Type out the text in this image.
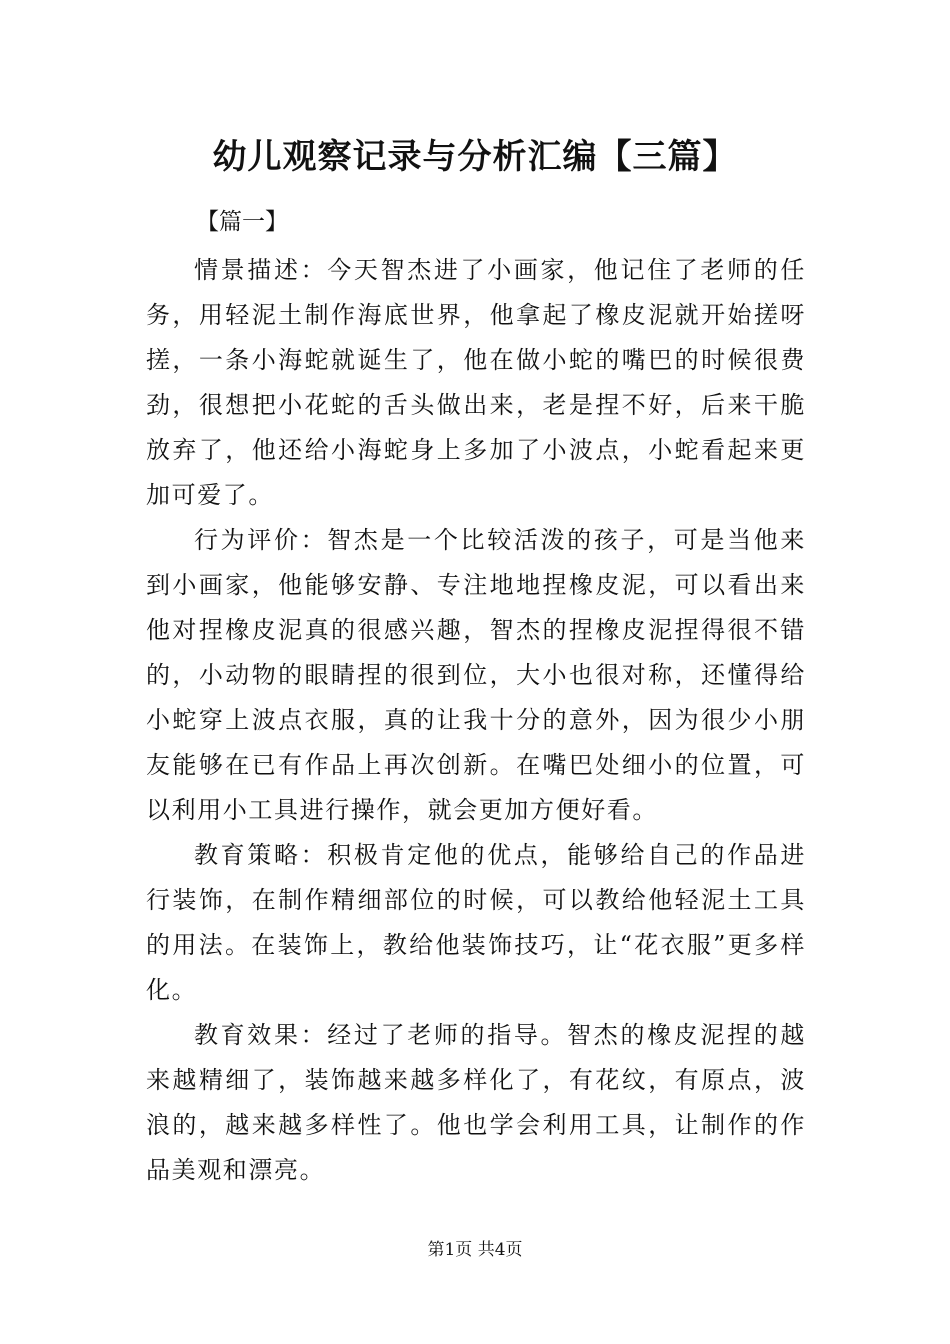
幼儿观察记录与分析汇编【三篇】
【篇一】

情景描述：今天智杰进了小画家，他记住了老师的任务，用轻泥土制作海底世界，他拿起了橡皮泥就开始搓呀搓，一条小海蛇就诞生了，他在做小蛇的嘴巴的时候很费劲，很想把小花蛇的舌头做出来，老是捏不好，后来干脆放弃了，他还给小海蛇身上多加了小波点，小蛇看起来更加可爱了。

行为评价：智杰是一个比较活泼的孩子，可是当他来到小画家，他能够安静、专注地地捏橡皮泥，可以看出来他对捏橡皮泥真的很感兴趣，智杰的捏橡皮泥捏得很不错的，小动物的眼睛捏的很到位，大小也很对称，还懂得给小蛇穿上波点衣服，真的让我十分的意外，因为很少小朋友能够在已有作品上再次创新。在嘴巴处细小的位置，可以利用小工具进行操作，就会更加方便好看。

教育策略：积极肯定他的优点，能够给自己的作品进行装饰，在制作精细部位的时候，可以教给他轻泥土工具的用法。在装饰上，教给他装饰技巧，让“花衣服”更多样化。

教育效果：经过了老师的指导。智杰的橡皮泥捏的越来越精细了，装饰越来越多样化了，有花纹，有原点，波浪的，越来越多样性了。他也学会利用工具，让制作的作品美观和漂亮。

第1页 共4页
